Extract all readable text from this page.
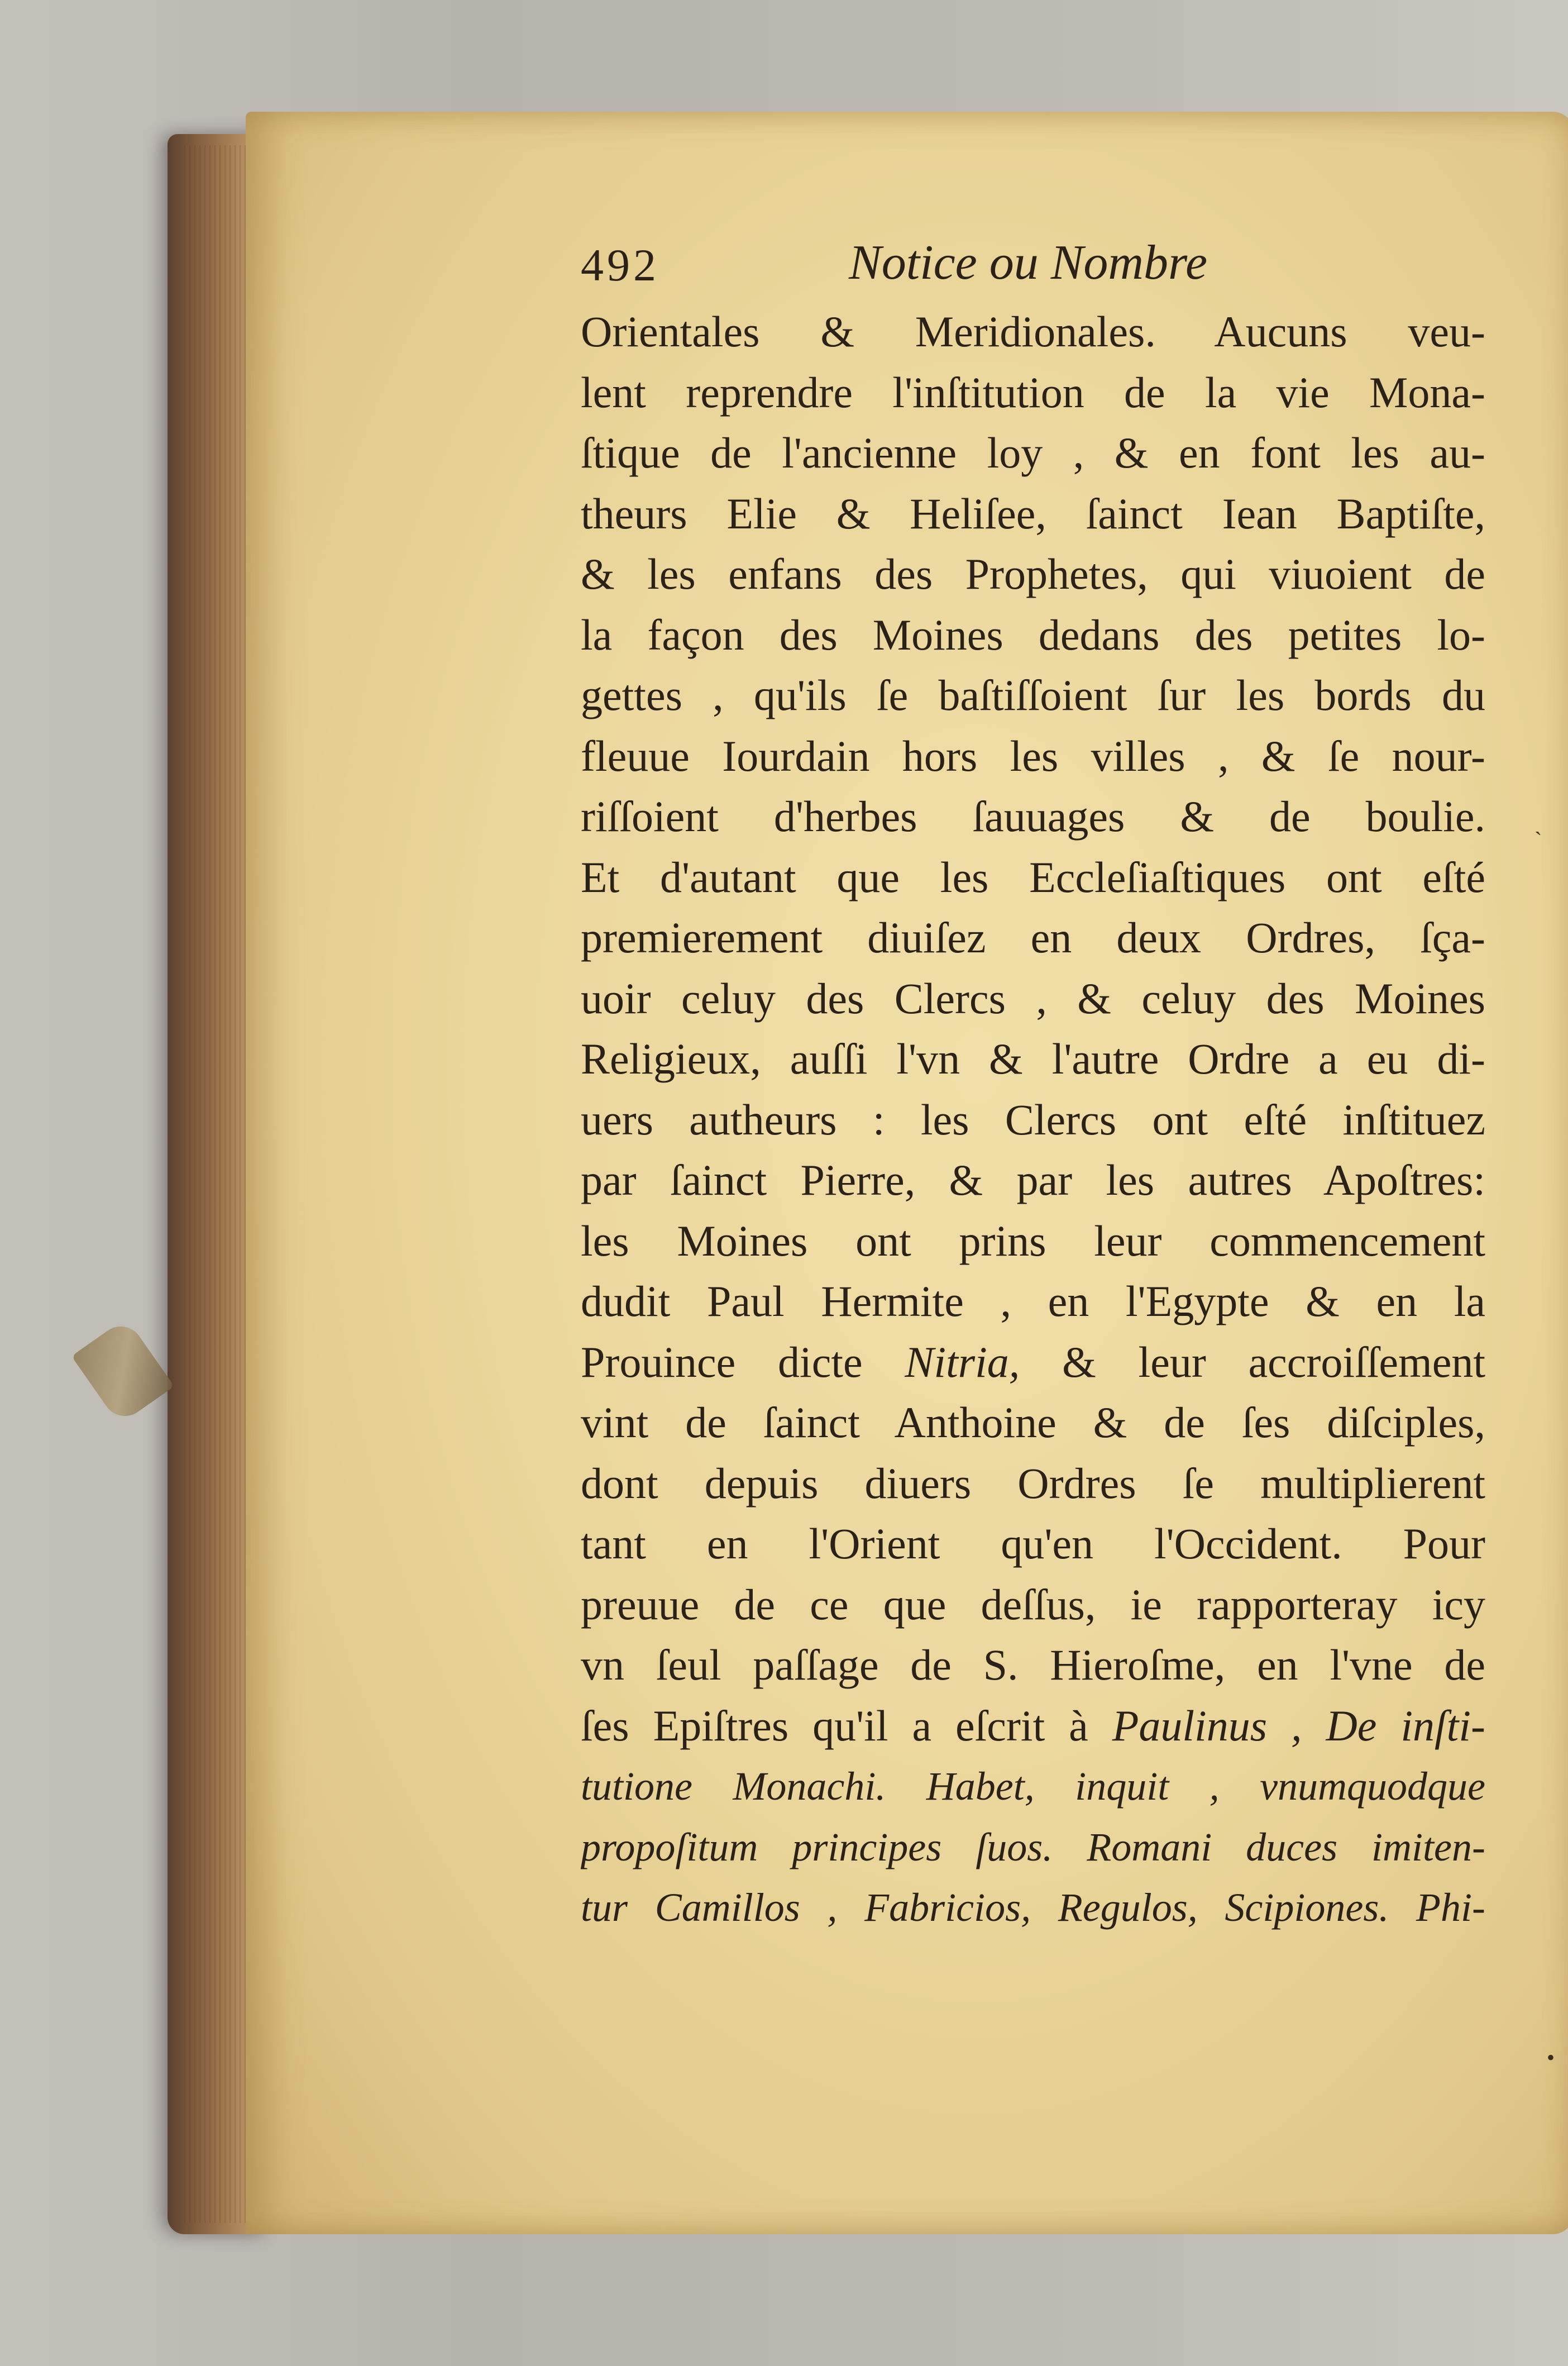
492	Notice ou Nombre
Orientales & Meridionales. Aucuns veu-
lent reprendre l'inſtitution de la vie Mona-
ſtique de l'ancienne loy , & en font les au-
theurs Elie & Heliſee, ſainct Iean Baptiſte,
& les enfans des Prophetes, qui viuoient de
la façon des Moines dedans des petites lo-
gettes , qu'ils ſe baſtiſſoient ſur les bords du
fleuue Iourdain hors les villes , & ſe nour-
riſſoient d'herbes ſauuages & de boulie.
Et d'autant que les Eccleſiaſtiques ont eſté
premierement diuiſez en deux Ordres, ſça-
uoir celuy des Clercs , & celuy des Moines
Religieux, auſſi l'vn & l'autre Ordre a eu di-
uers autheurs : les Clercs ont eſté inſtituez
par ſainct Pierre, & par les autres Apoſtres:
les Moines ont prins leur commencement
dudit Paul Hermite , en l'Egypte & en la
Prouince dicte Nitria, & leur accroiſſement
vint de ſainct Anthoine & de ſes diſciples,
dont depuis diuers Ordres ſe multiplierent
tant en l'Orient qu'en l'Occident. Pour
preuue de ce que deſſus, ie rapporteray icy
vn ſeul paſſage de S. Hieroſme, en l'vne de
ſes Epiſtres qu'il a eſcrit à Paulinus , De inſti-
tutione Monachi. Habet, inquit , vnumquodque
propoſitum principes ſuos. Romani duces imiten-
tur Camillos , Fabricios, Regulos, Scipiones. Phi-
•
`
